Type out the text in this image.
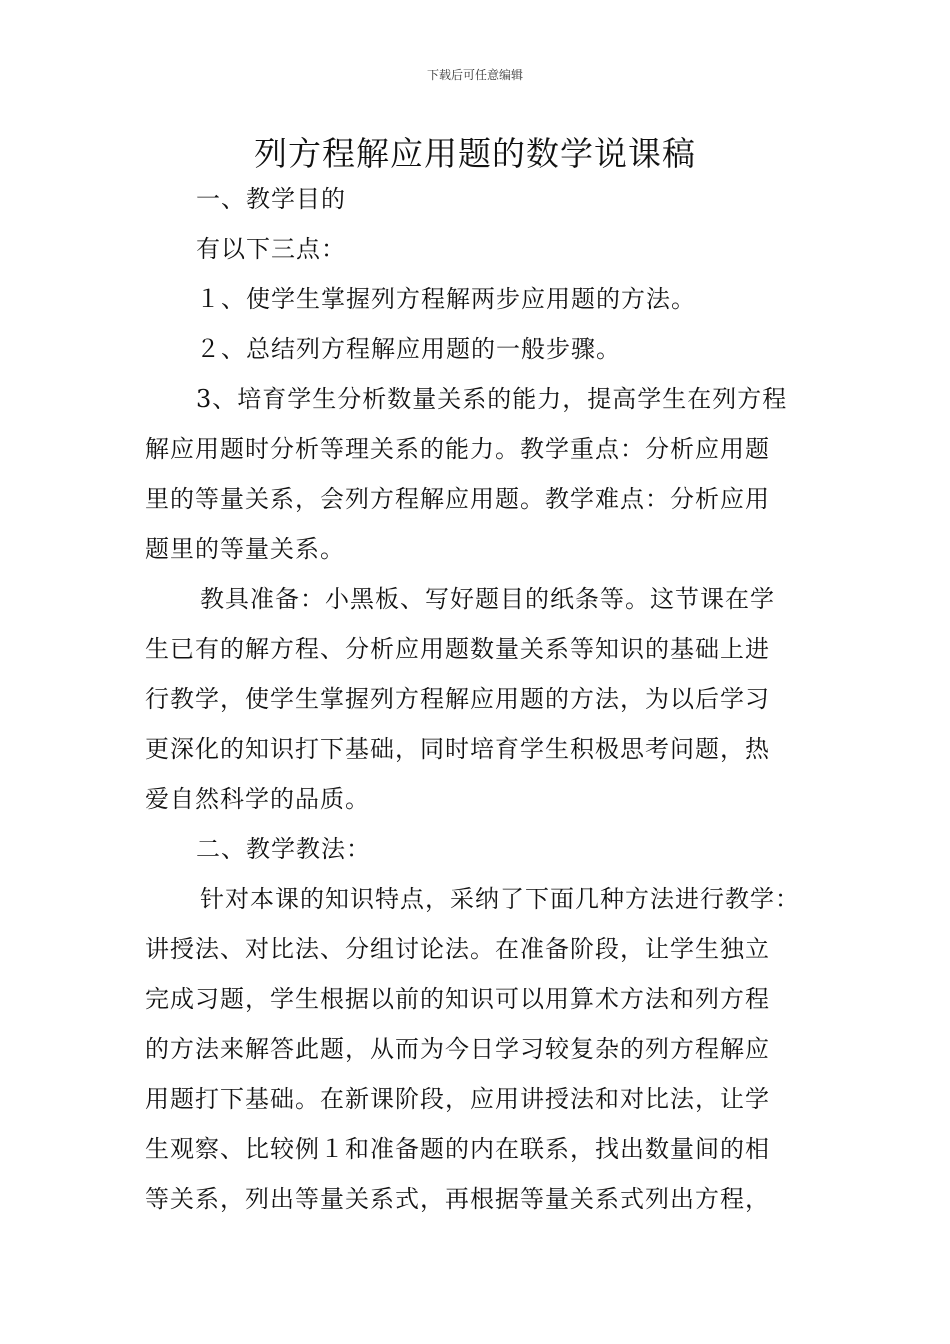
下载后可任意编辑
列方程解应用题的数学说课稿
一、教学目的
有以下三点：
１、使学生掌握列方程解两步应用题的方法。
２、总结列方程解应用题的一般步骤。
3、培育学生分析数量关系的能力，提高学生在列方程
解应用题时分析等理关系的能力。教学重点：分析应用题
里的等量关系，会列方程解应用题。教学难点：分析应用
题里的等量关系。
教具准备：小黑板、写好题目的纸条等。这节课在学
生已有的解方程、分析应用题数量关系等知识的基础上进
行教学，使学生掌握列方程解应用题的方法，为以后学习
更深化的知识打下基础，同时培育学生积极思考问题，热
爱自然科学的品质。
二、教学教法：
针对本课的知识特点，采纳了下面几种方法进行教学：
讲授法、对比法、分组讨论法。在准备阶段，让学生独立
完成习题，学生根据以前的知识可以用算术方法和列方程
的方法来解答此题，从而为今日学习较复杂的列方程解应
用题打下基础。在新课阶段，应用讲授法和对比法，让学
生观察、比较例１和准备题的内在联系，找出数量间的相
等关系，列出等量关系式，再根据等量关系式列出方程，
